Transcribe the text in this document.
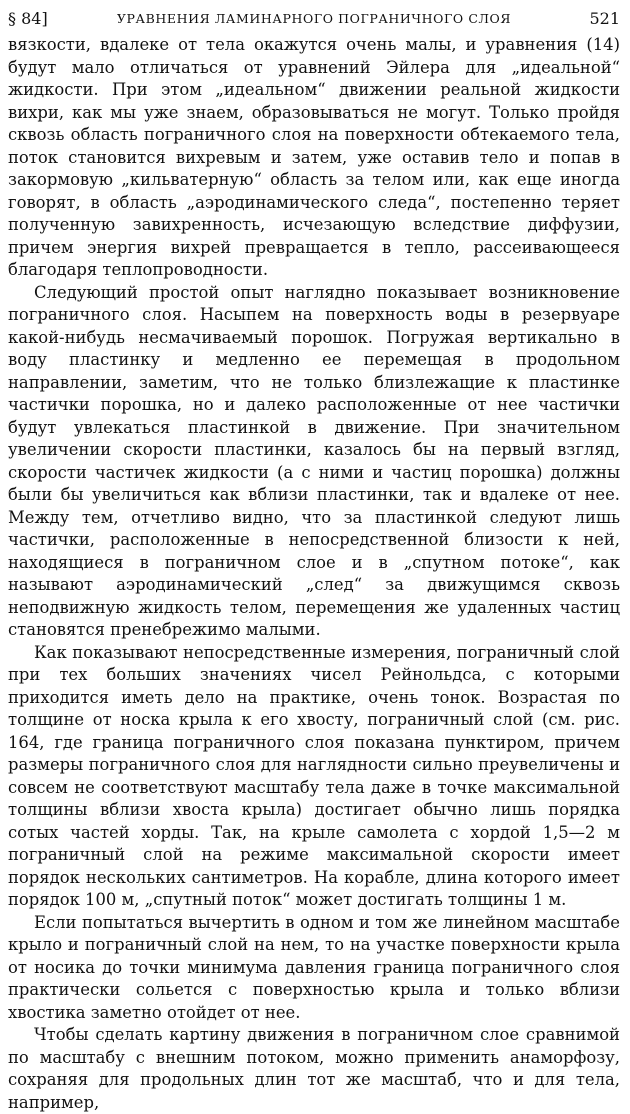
§ 84]	УРАВНЕНИЯ ЛАМИНАРНОГО ПОГРАНИЧНОГО СЛОЯ	521

вязкости, вдалеке от тела окажутся очень малы, и уравнения (14) будут мало отличаться от уравнений Эйлера для „идеальной“ жидкости. При этом „идеальном“ движении реальной жидкости вихри, как мы уже знаем, образовываться не могут. Только пройдя сквозь область пограничного слоя на поверхности обтекаемого тела, поток становится вихревым и затем, уже оставив тело и попав в закормовую „кильватерную“ область за телом или, как еще иногда говорят, в область „аэродинамического следа“, постепенно теряет полученную завихренность, исчезающую вследствие диффузии, причем энергия вихрей превращается в тепло, рассеивающееся благодаря теплопроводности.

Следующий простой опыт наглядно показывает возникновение пограничного слоя. Насыпем на поверхность воды в резервуаре какой-нибудь несмачиваемый порошок. Погружая вертикально в воду пластинку и медленно ее перемещая в продольном направлении, заметим, что не только близлежащие к пластинке частички порошка, но и далеко расположенные от нее частички будут увлекаться пластинкой в движение. При значительном увеличении скорости пластинки, казалось бы на первый взгляд, скорости частичек жидкости (а с ними и частиц порошка) должны были бы увеличиться как вблизи пластинки, так и вдалеке от нее. Между тем, отчетливо видно, что за пластинкой следуют лишь частички, расположенные в непосредственной близости к ней, находящиеся в пограничном слое и в „спутном потоке“, как называют аэродинамический „след“ за движущимся сквозь неподвижную жидкость телом, перемещения же удаленных частиц становятся пренебрежимо малыми.

Как показывают непосредственные измерения, пограничный слой при тех больших значениях чисел Рейнольдса, с которыми приходится иметь дело на практике, очень тонок. Возрастая по толщине от носка крыла к его хвосту, пограничный слой (см. рис. 164, где граница пограничного слоя показана пунктиром, причем размеры пограничного слоя для наглядности сильно преувеличены и совсем не соответствуют масштабу тела даже в точке максимальной толщины вблизи хвоста крыла) достигает обычно лишь порядка сотых частей хорды. Так, на крыле самолета с хордой 1,5—2 м пограничный слой на режиме максимальной скорости имеет порядок нескольких сантиметров. На корабле, длина которого имеет порядок 100 м, „спутный поток“ может достигать толщины 1 м.

Если попытаться вычертить в одном и том же линейном масштабе крыло и пограничный слой на нем, то на участке поверхности крыла от носика до точки минимума давления граница пограничного слоя практически сольется с поверхностью крыла и только вблизи хвостика заметно отойдет от нее.

Чтобы сделать картину движения в пограничном слое сравнимой по масштабу с внешним потоком, можно применить анаморфозу, сохраняя для продольных длин тот же масштаб, что и для тела, например,
